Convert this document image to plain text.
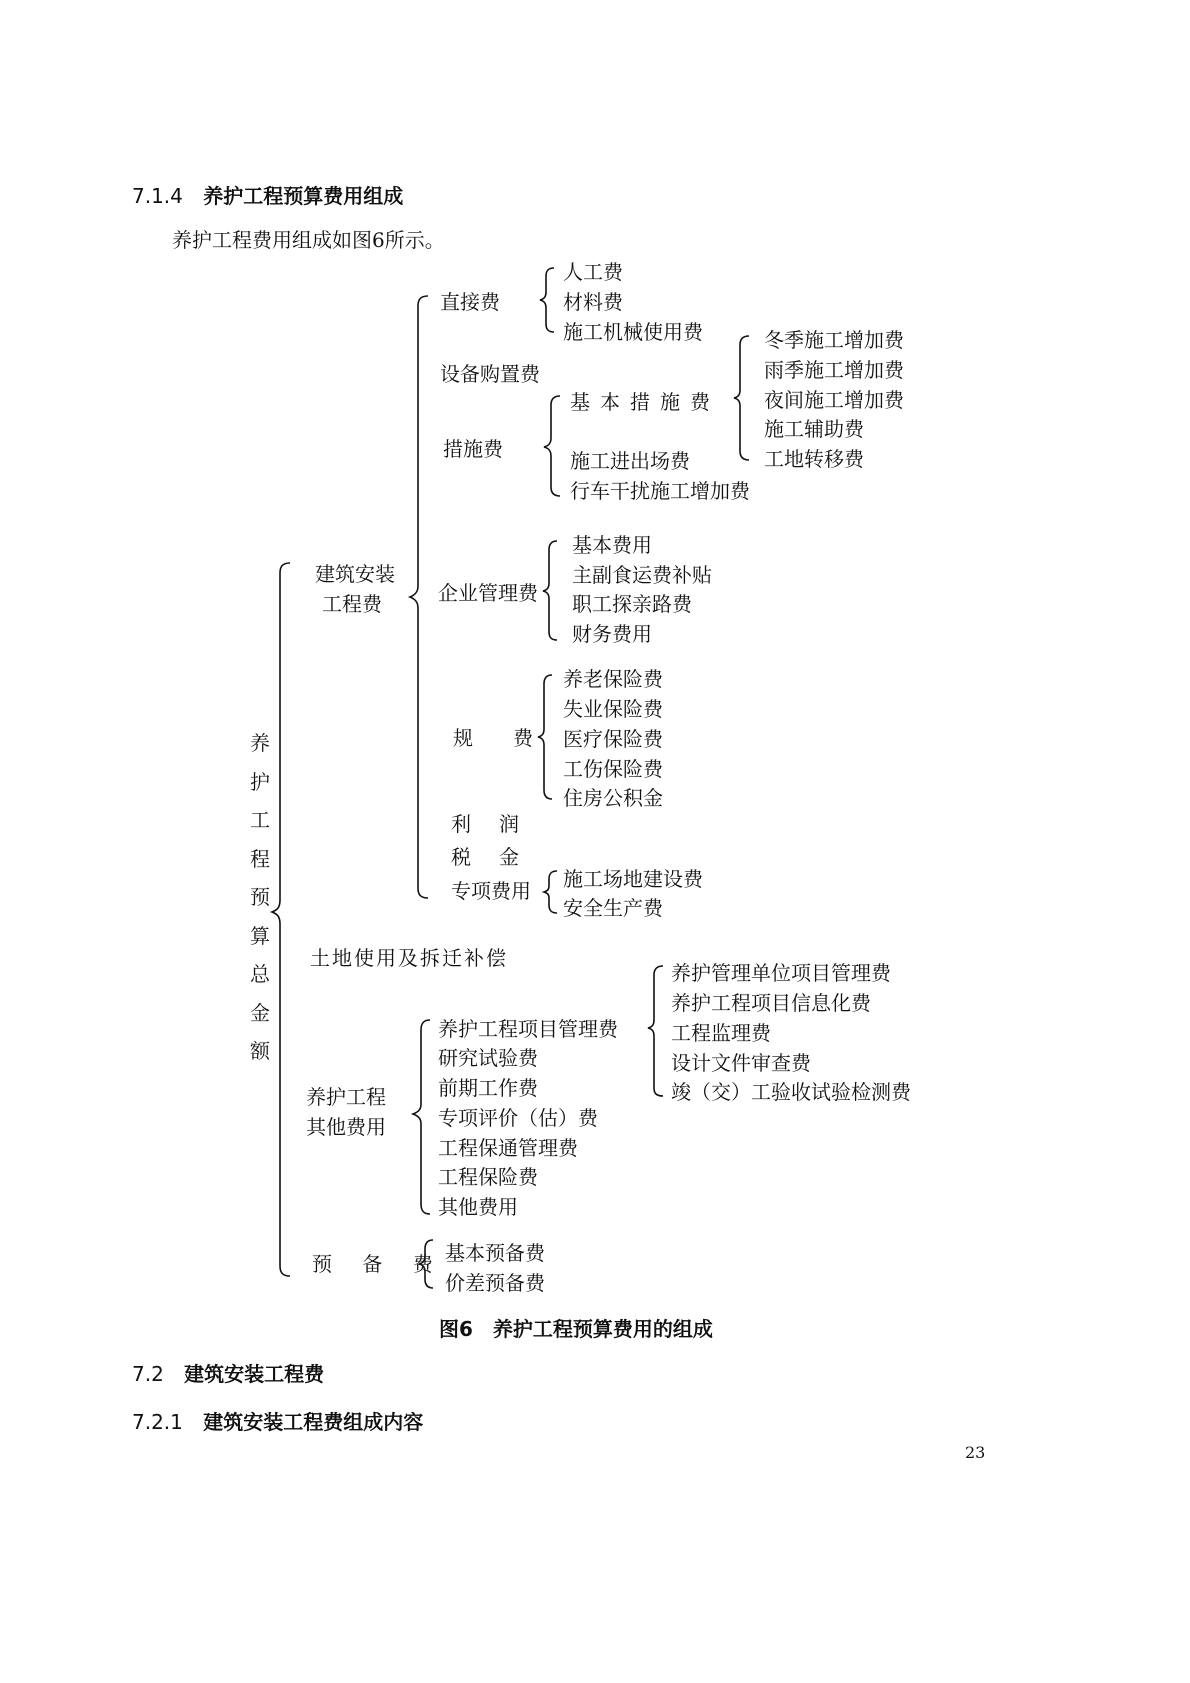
7.1.4 养护工程预算费用组成
养护工程费用组成如图6所示。
养
护
工
程
预
算
总
金
额
建筑安装
工程费
土地使用及拆迁补偿
养护工程
其他费用
预 备 费
直接费
设备购置费
措施费
企业管理费
规　费
利　润
税　金
专项费用
人工费
材料费
施工机械使用费
基本措施费
施工进出场费
行车干扰施工增加费
冬季施工增加费
雨季施工增加费
夜间施工增加费
施工辅助费
工地转移费
基本费用
主副食运费补贴
职工探亲路费
财务费用
养老保险费
失业保险费
医疗保险费
工伤保险费
住房公积金
施工场地建设费
安全生产费
养护工程项目管理费
研究试验费
前期工作费
专项评价（估）费
工程保通管理费
工程保险费
其他费用
养护管理单位项目管理费
养护工程项目信息化费
工程监理费
设计文件审查费
竣（交）工验收试验检测费
基本预备费
价差预备费
图6　养护工程预算费用的组成
7.2 建筑安装工程费
7.2.1 建筑安装工程费组成内容
23
